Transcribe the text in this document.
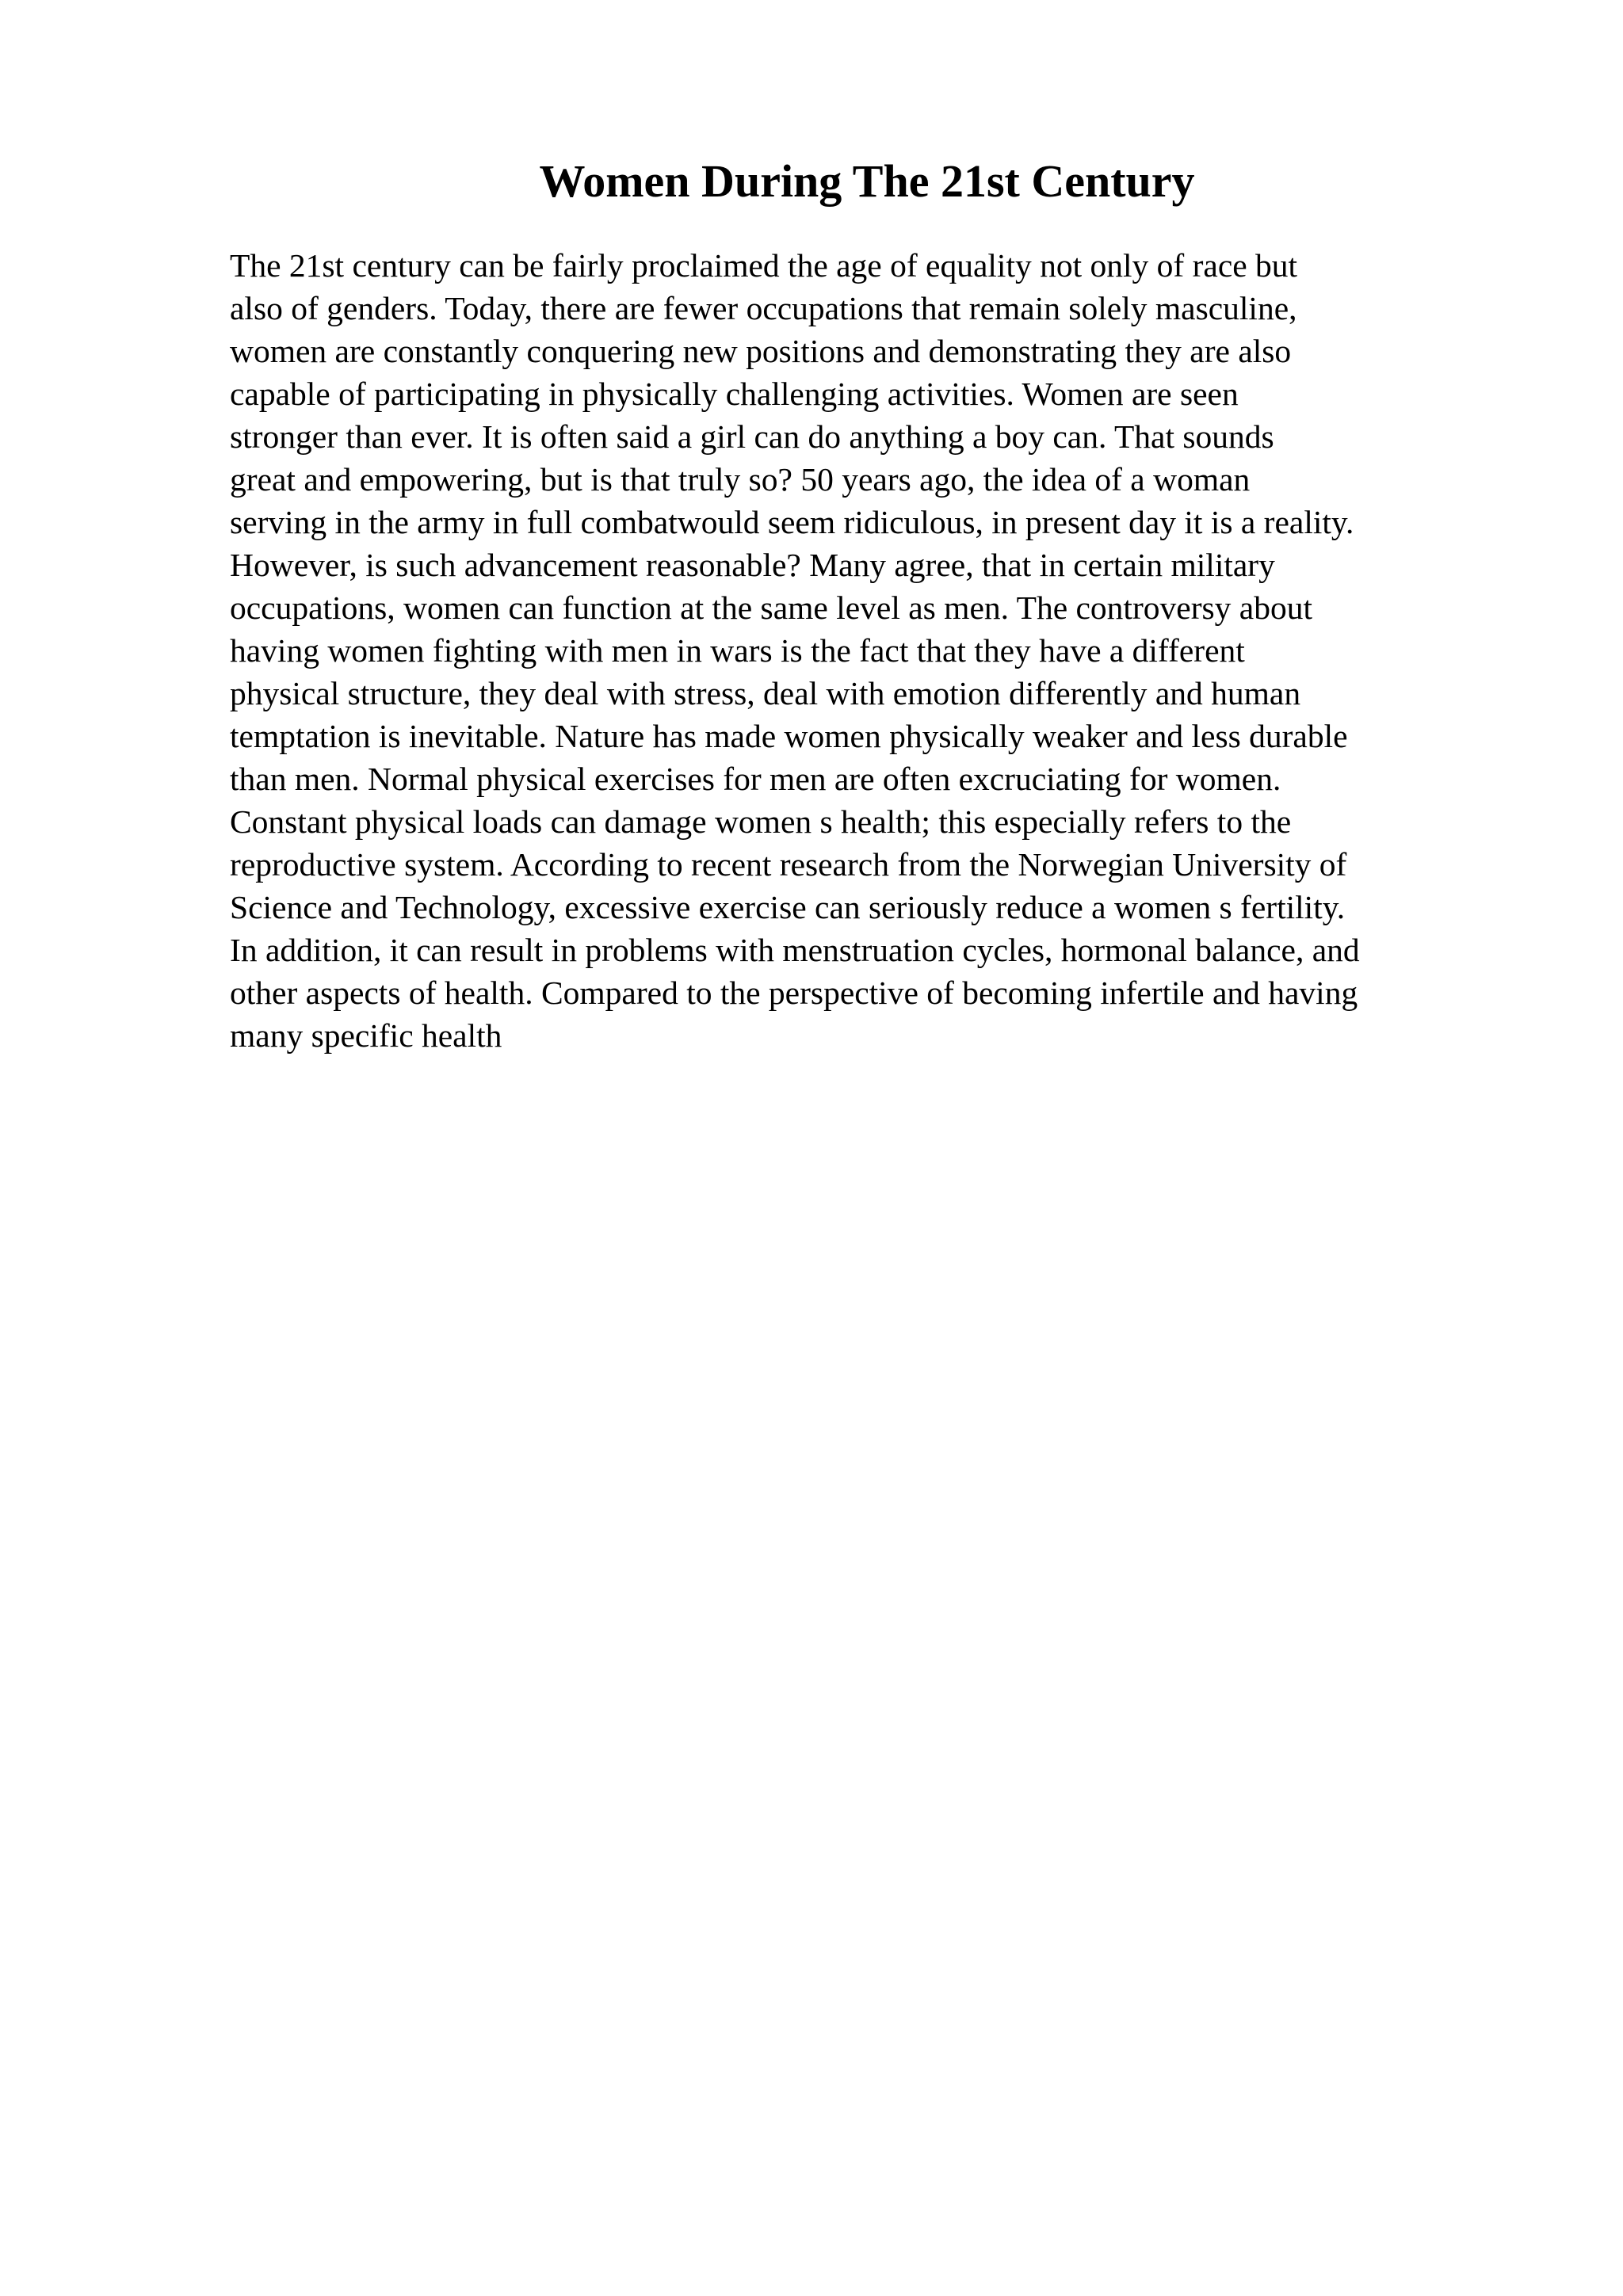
Women During The 21st Century
The 21st century can be fairly proclaimed the age of equality not only of race but
also of genders. Today, there are fewer occupations that remain solely masculine,
women are constantly conquering new positions and demonstrating they are also
capable of participating in physically challenging activities. Women are seen
stronger than ever. It is often said a girl can do anything a boy can. That sounds
great and empowering, but is that truly so? 50 years ago, the idea of a woman
serving in the army in full combatwould seem ridiculous, in present day it is a reality.
However, is such advancement reasonable? Many agree, that in certain military
occupations, women can function at the same level as men. The controversy about
having women fighting with men in wars is the fact that they have a different
physical structure, they deal with stress, deal with emotion differently and human
temptation is inevitable. Nature has made women physically weaker and less durable
than men. Normal physical exercises for men are often excruciating for women.
Constant physical loads can damage women s health; this especially refers to the
reproductive system. According to recent research from the Norwegian University of
Science and Technology, excessive exercise can seriously reduce a women s fertility.
In addition, it can result in problems with menstruation cycles, hormonal balance, and
other aspects of health. Compared to the perspective of becoming infertile and having
many specific health
